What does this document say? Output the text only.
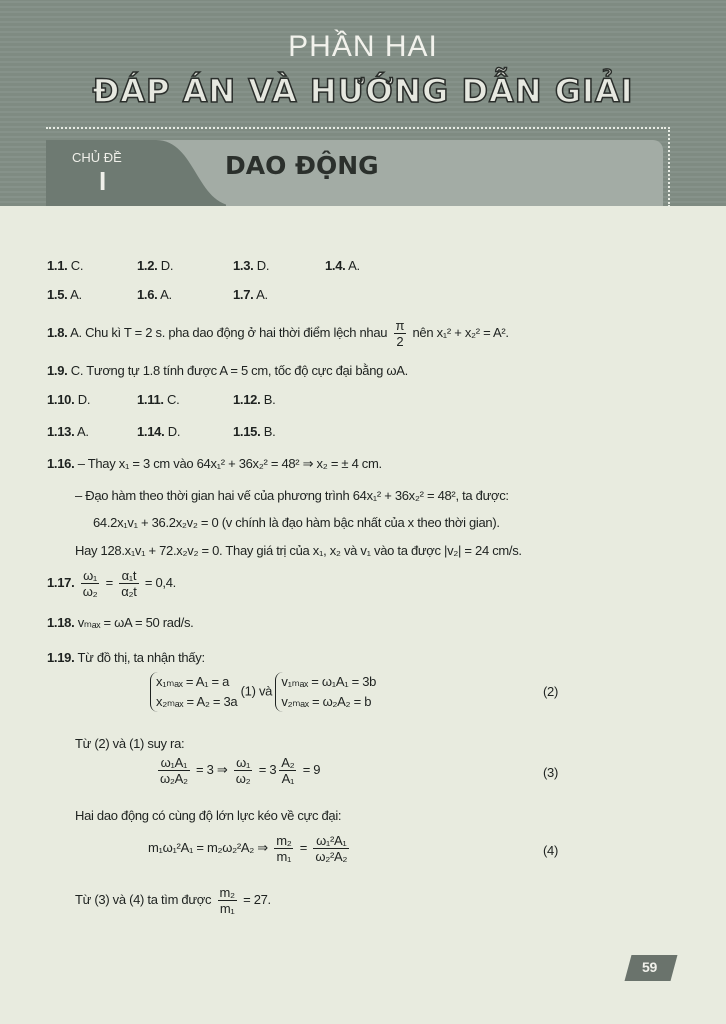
PHẦN HAI
ĐÁP ÁN VÀ HƯỚNG DẪN GIẢI
CHỦ ĐỀ
I
DAO ĐỘNG
1.1. C.	1.2. D.	1.3. D.	1.4. A.
1.5. A.	1.6. A.	1.7. A.
1.8. A. Chu kì T = 2 s. pha dao động ở hai thời điểm lệch nhau $\frac{\pi}{2}$ nên x₁² + x₂² = A².
1.9. C. Tương tự 1.8 tính được A = 5 cm, tốc độ cực đại bằng ωA.
1.10. D.	1.11. C.	1.12. B.
1.13. A.	1.14. D.	1.15. B.
1.16. – Thay x₁ = 3 cm vào 64x₁² + 36x₂² = 48² ⇒ x₂ = ± 4 cm.
– Đạo hàm theo thời gian hai vế của phương trình 64x₁² + 36x₂² = 48², ta được:
64.2x₁v₁ + 36.2x₂v₂ = 0 (v chính là đạo hàm bậc nhất của x theo thời gian).
Hay 128.x₁v₁ + 72.x₂v₂ = 0. Thay giá trị của x₁, x₂ và v₁ vào ta được |v₂| = 24 cm/s.
1.17. $\frac{\text{ω₁}}{\text{ω₂}} = \frac{\text{α₁t}}{\text{α₂t}} = 0,4$.
1.18. vₘₐₓ = ωA = 50 rad/s.
1.19. Từ đồ thị, ta nhận thấy:
x₁ₘₐₓ = A₁ = a
x₂ₘₐₓ = A₂ = 3a (1) và v₁ₘₐₓ = ω₁A₁ = 3b
v₂ₘₐₓ = ω₂A₂ = b
(2)
Từ (2) và (1) suy ra:
$\frac{\text{ω₁A₁}}{\text{ω₂A₂}} = 3$ ⇒ $\frac{\text{ω₁}}{\text{ω₂}} = 3 \frac{\text{A₂}}{\text{A₁}} = 9$	(3)
Hai dao động có cùng độ lớn lực kéo về cực đại:
m₁ω₁²A₁ = m₂ω₂²A₂ ⇒ $\frac{\text{m₂}}{\text{m₁}} = \frac{\text{ω₁²A₁}}{\text{ω₂²A₂}}$	(4)
Từ (3) và (4) ta tìm được $\frac{\text{m₂}}{\text{m₁}} = 27$.
59
